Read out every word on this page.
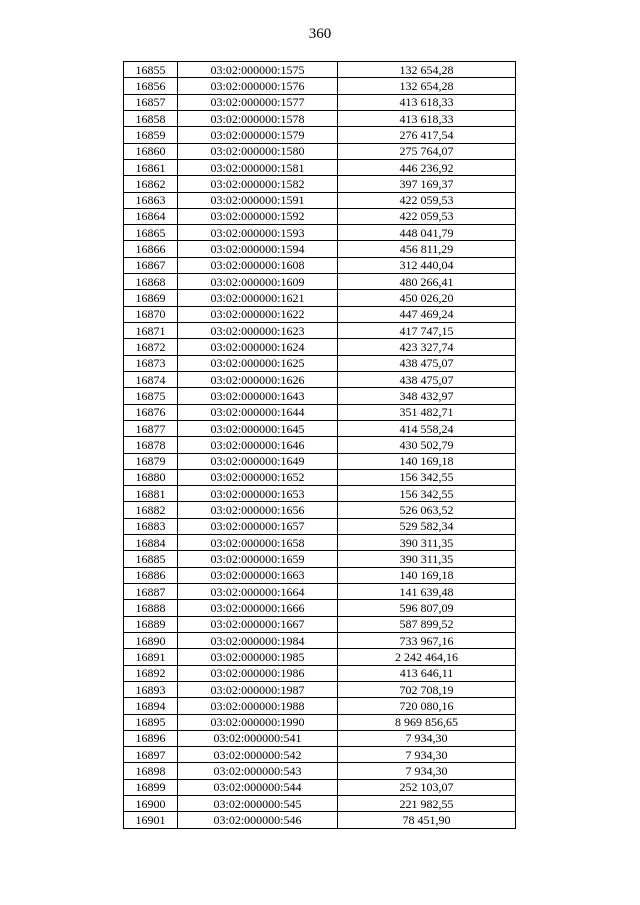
360
16855	03:02:000000:1575	132 654,28
16856	03:02:000000:1576	132 654,28
16857	03:02:000000:1577	413 618,33
16858	03:02:000000:1578	413 618,33
16859	03:02:000000:1579	276 417,54
16860	03:02:000000:1580	275 764,07
16861	03:02:000000:1581	446 236,92
16862	03:02:000000:1582	397 169,37
16863	03:02:000000:1591	422 059,53
16864	03:02:000000:1592	422 059,53
16865	03:02:000000:1593	448 041,79
16866	03:02:000000:1594	456 811,29
16867	03:02:000000:1608	312 440,04
16868	03:02:000000:1609	480 266,41
16869	03:02:000000:1621	450 026,20
16870	03:02:000000:1622	447 469,24
16871	03:02:000000:1623	417 747,15
16872	03:02:000000:1624	423 327,74
16873	03:02:000000:1625	438 475,07
16874	03:02:000000:1626	438 475,07
16875	03:02:000000:1643	348 432,97
16876	03:02:000000:1644	351 482,71
16877	03:02:000000:1645	414 558,24
16878	03:02:000000:1646	430 502,79
16879	03:02:000000:1649	140 169,18
16880	03:02:000000:1652	156 342,55
16881	03:02:000000:1653	156 342,55
16882	03:02:000000:1656	526 063,52
16883	03:02:000000:1657	529 582,34
16884	03:02:000000:1658	390 311,35
16885	03:02:000000:1659	390 311,35
16886	03:02:000000:1663	140 169,18
16887	03:02:000000:1664	141 639,48
16888	03:02:000000:1666	596 807,09
16889	03:02:000000:1667	587 899,52
16890	03:02:000000:1984	733 967,16
16891	03:02:000000:1985	2 242 464,16
16892	03:02:000000:1986	413 646,11
16893	03:02:000000:1987	702 708,19
16894	03:02:000000:1988	720 080,16
16895	03:02:000000:1990	8 969 856,65
16896	03:02:000000:541	7 934,30
16897	03:02:000000:542	7 934,30
16898	03:02:000000:543	7 934,30
16899	03:02:000000:544	252 103,07
16900	03:02:000000:545	221 982,55
16901	03:02:000000:546	78 451,90
